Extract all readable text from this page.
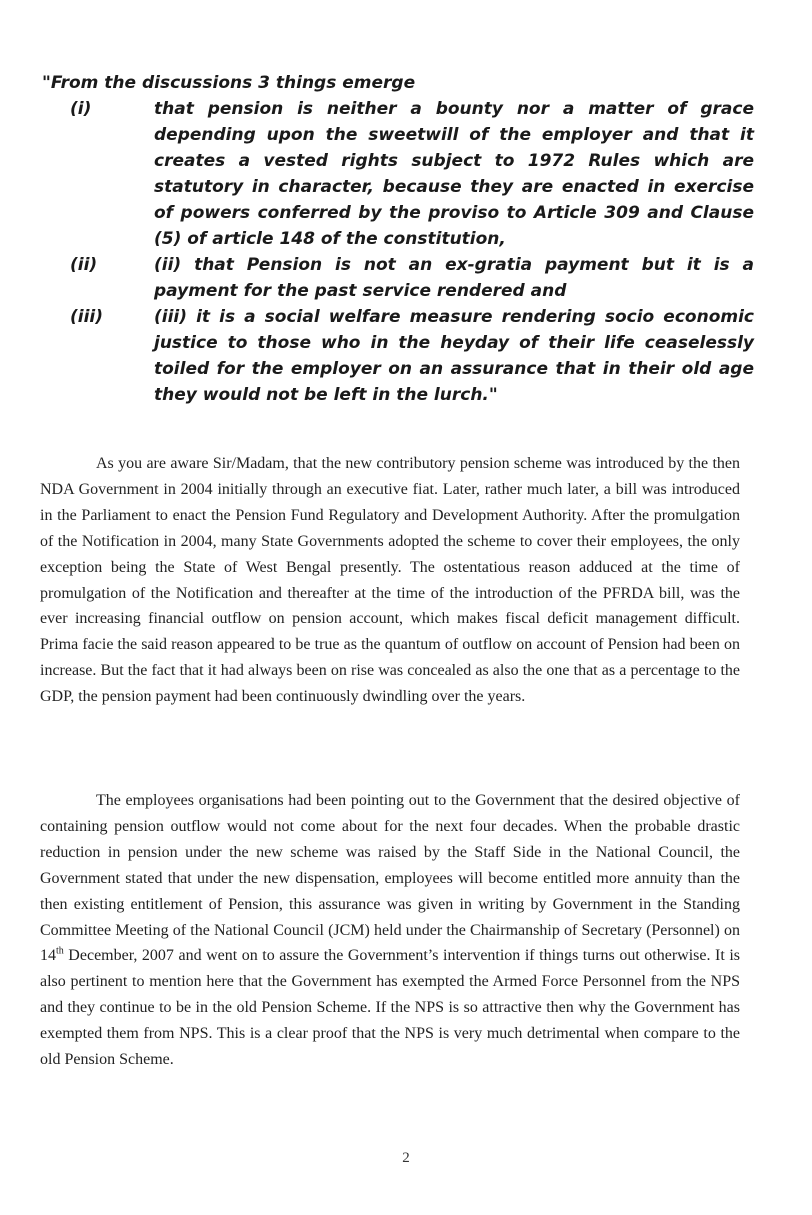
"From the discussions 3 things emerge

(i)	that pension is neither a bounty nor a matter of grace depending upon the sweetwill of the employer and that it creates a vested rights subject to 1972 Rules which are statutory in character, because they are enacted in exercise of powers conferred by the proviso to Article 309 and Clause (5) of article 148 of the constitution,
(ii)	(ii) that Pension is not an ex-gratia payment but it is a payment for the past service rendered and
(iii)	(iii) it is a social welfare measure rendering socio economic justice to those who in the heyday of their life ceaselessly toiled for the employer on an assurance that in their old age they would not be left in the lurch."

As you are aware Sir/Madam, that the new contributory pension scheme was introduced by the then NDA Government in 2004 initially through an executive fiat. Later, rather much later, a bill was introduced in the Parliament to enact the Pension Fund Regulatory and Development Authority. After the promulgation of the Notification in 2004, many State Governments adopted the scheme to cover their employees, the only exception being the State of West Bengal presently. The ostentatious reason adduced at the time of promulgation of the Notification and thereafter at the time of the introduction of the PFRDA bill, was the ever increasing financial outflow on pension account, which makes fiscal deficit management difficult. Prima facie the said reason appeared to be true as the quantum of outflow on account of Pension had been on increase. But the fact that it had always been on rise was concealed as also the one that as a percentage to the GDP, the pension payment had been continuously dwindling over the years.

The employees organisations had been pointing out to the Government that the desired objective of containing pension outflow would not come about for the next four decades. When the probable drastic reduction in pension under the new scheme was raised by the Staff Side in the National Council, the Government stated that under the new dispensation, employees will become entitled more annuity than the then existing entitlement of Pension, this assurance was given in writing by Government in the Standing Committee Meeting of the National Council (JCM) held under the Chairmanship of Secretary (Personnel) on 14th December, 2007 and went on to assure the Government’s intervention if things turns out otherwise. It is also pertinent to mention here that the Government has exempted the Armed Force Personnel from the NPS and they continue to be in the old Pension Scheme. If the NPS is so attractive then why the Government has exempted them from NPS. This is a clear proof that the NPS is very much detrimental when compare to the old Pension Scheme.

2
